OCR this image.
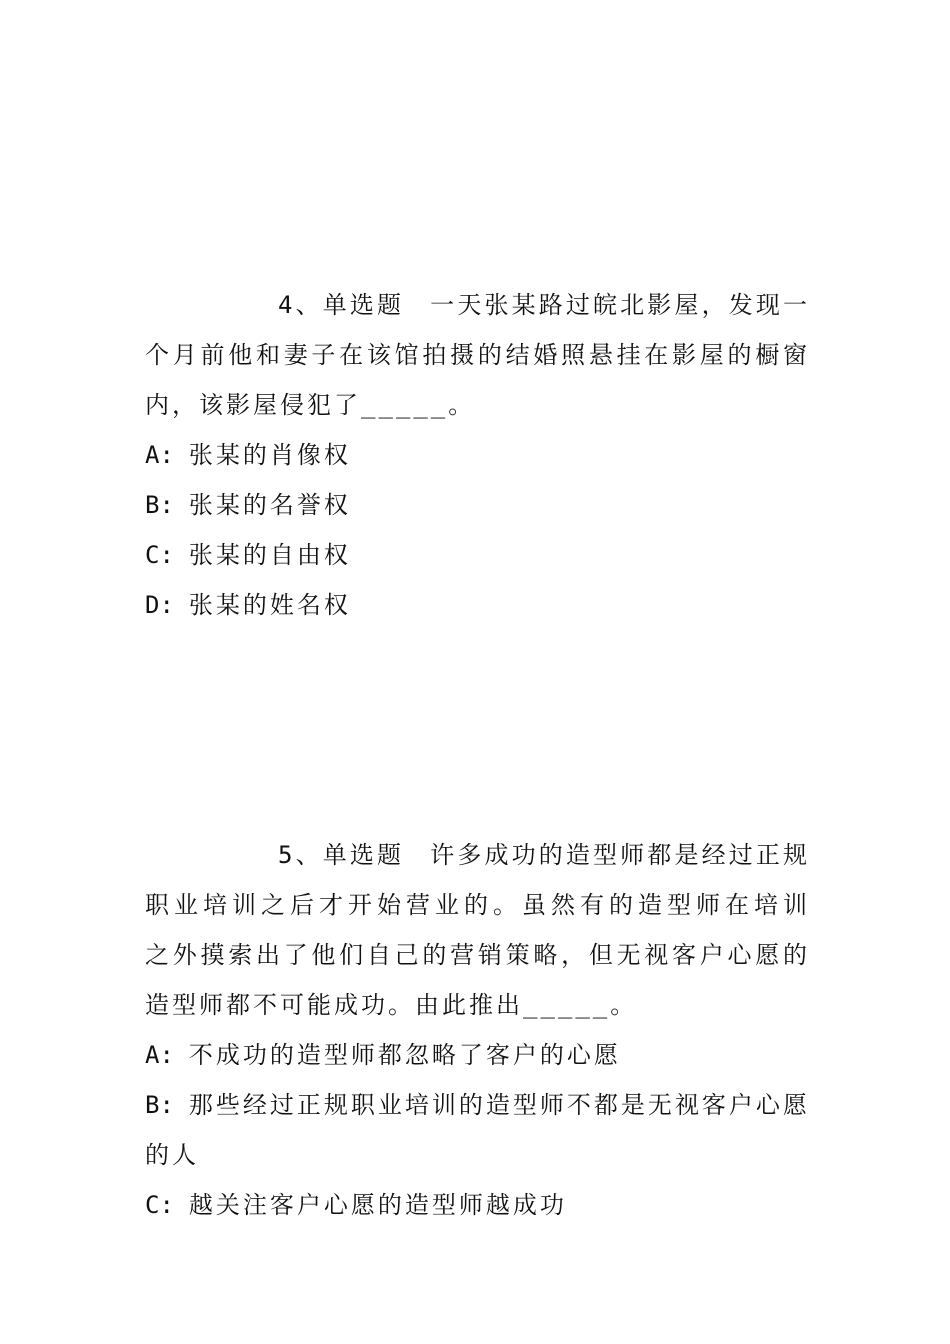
4、单选题 一天张某路过皖北影屋，发现一个月前他和妻子在该馆拍摄的结婚照悬挂在影屋的橱窗内，该影屋侵犯了_____。

A: 张某的肖像权
B: 张某的名誉权
C: 张某的自由权
D: 张某的姓名权

5、单选题 许多成功的造型师都是经过正规职业培训之后才开始营业的。虽然有的造型师在培训 之外摸索出了他们自己的营销策略，但无视客户心愿的造型师都不可能成功。由此推出_____。

A: 不成功的造型师都忽略了客户的心愿
B: 那些经过正规职业培训的造型师不都是无视客户心愿的人
C: 越关注客户心愿的造型师越成功
